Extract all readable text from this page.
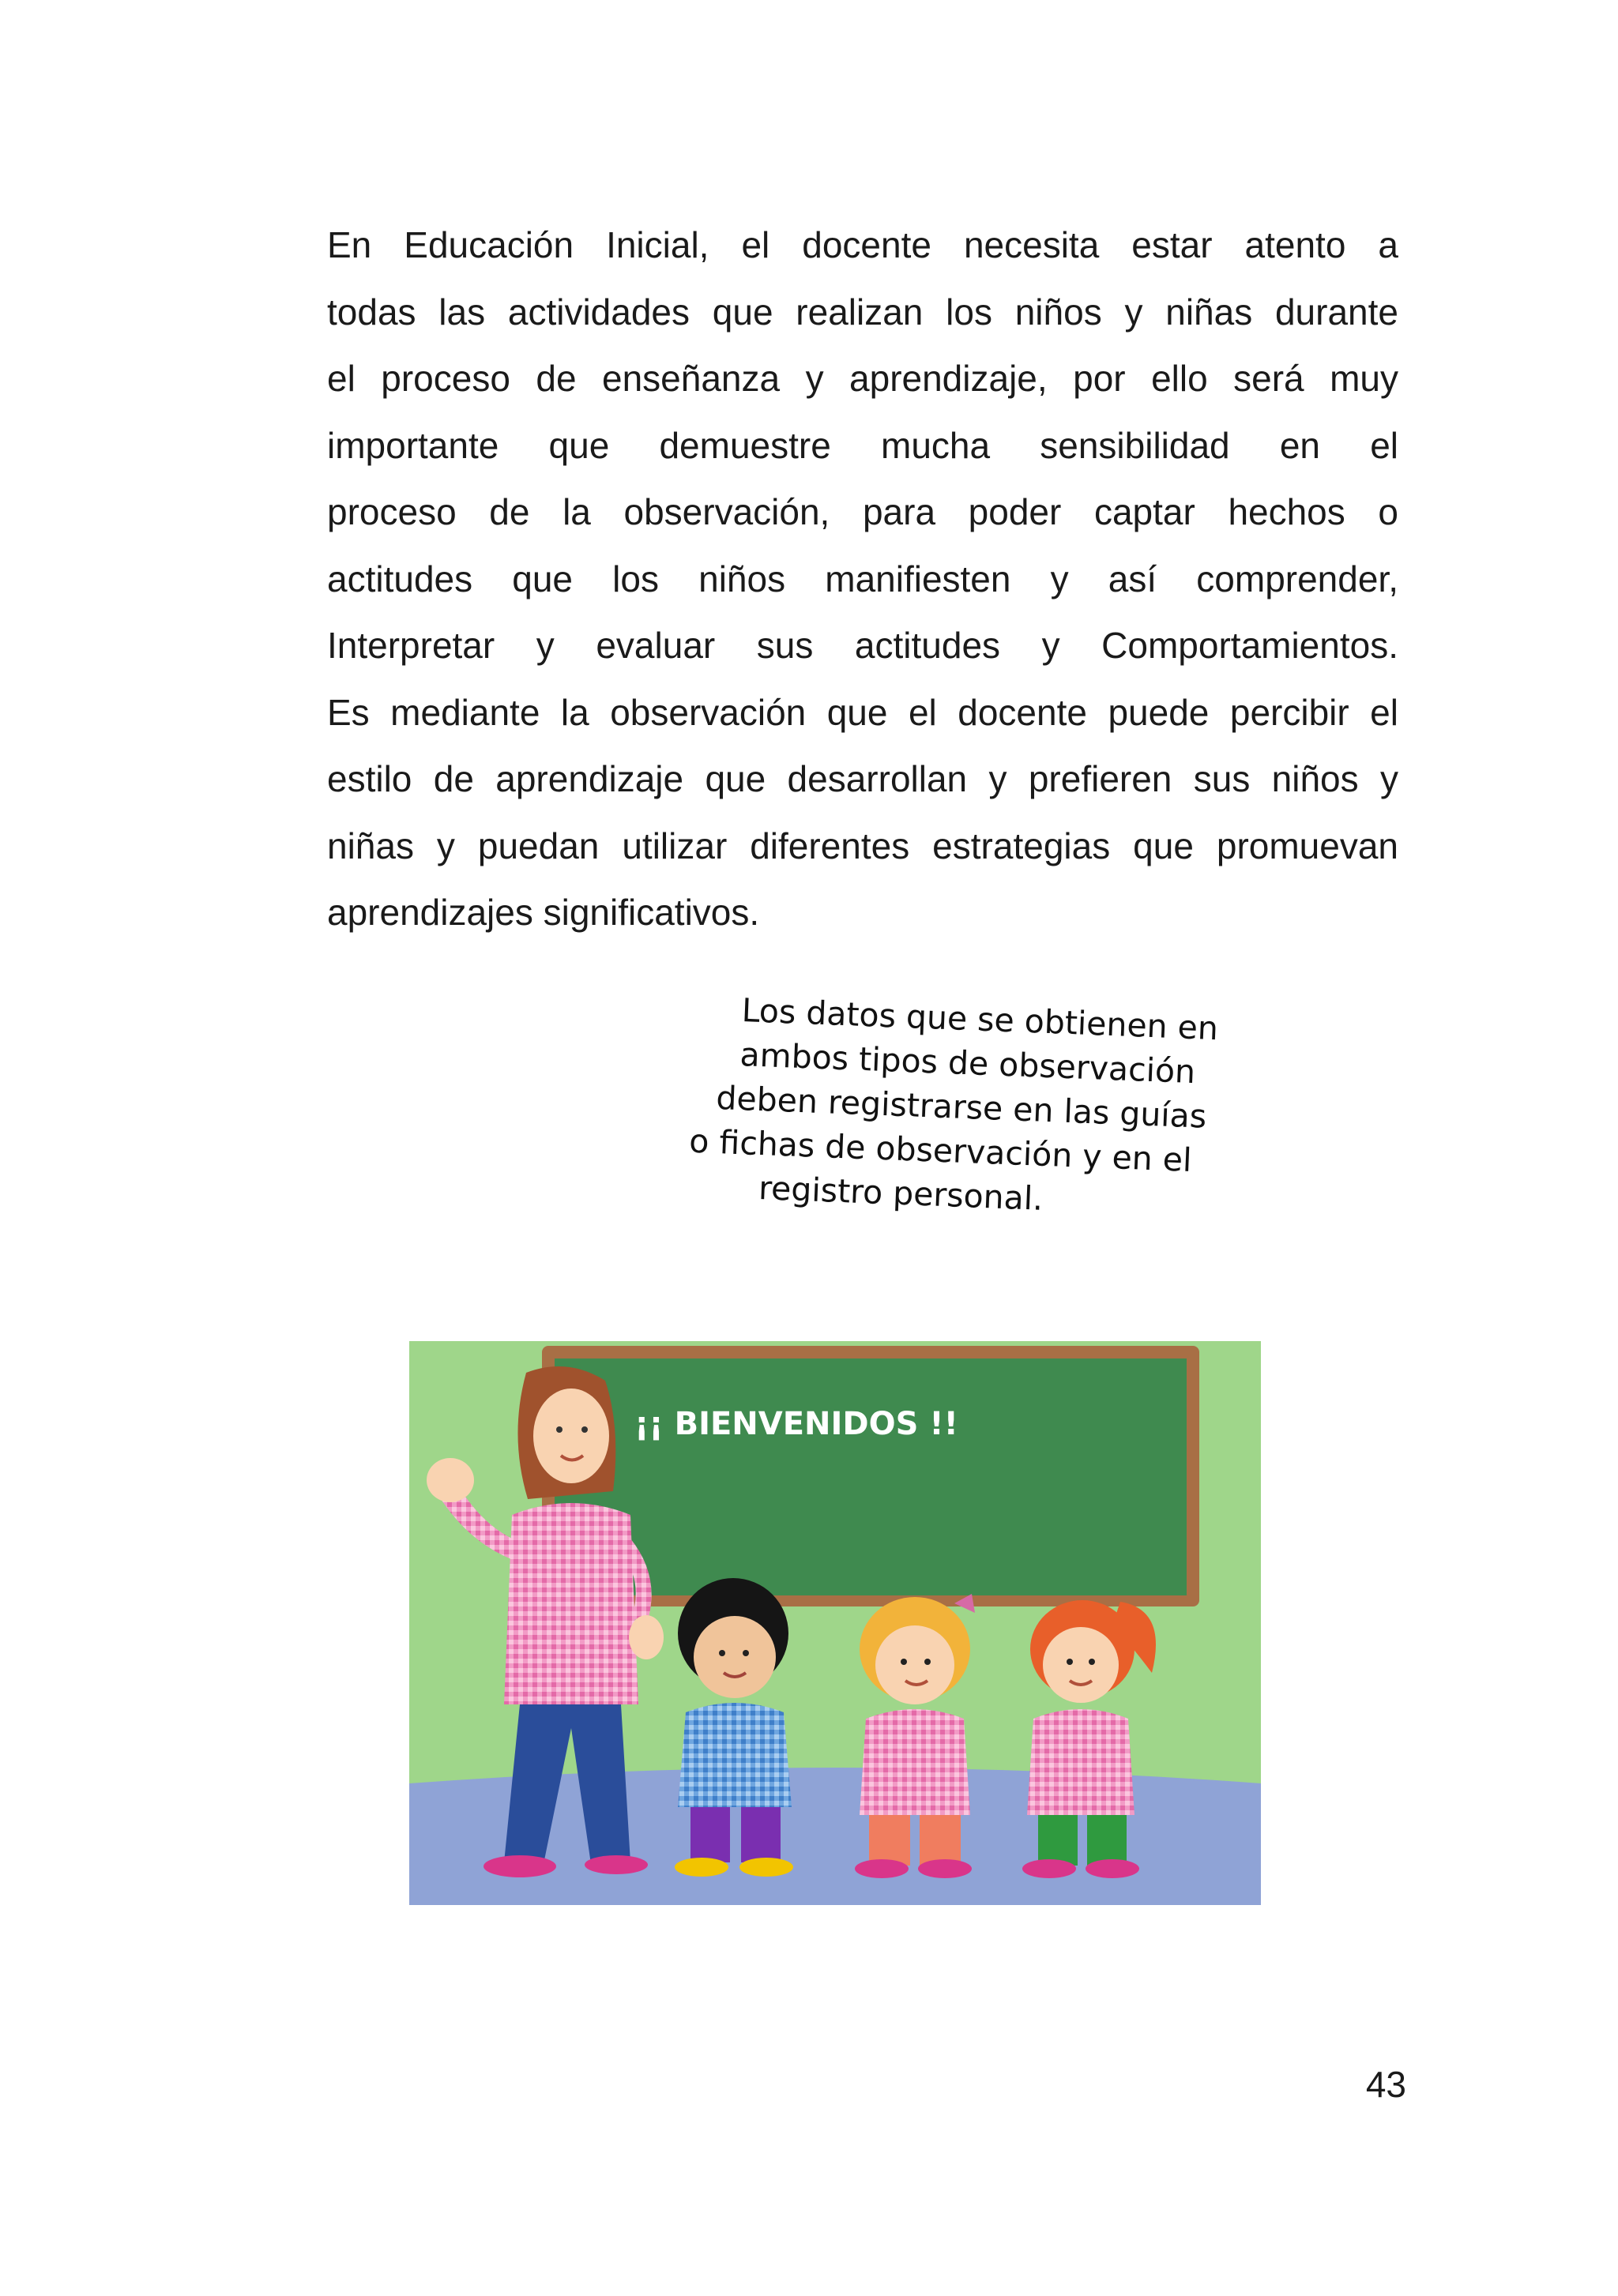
En Educación Inicial, el docente necesita estar atento a
todas las actividades que realizan los niños y niñas durante
el proceso de enseñanza y aprendizaje, por ello será muy
importante que demuestre mucha sensibilidad en el
proceso de la observación, para poder captar hechos o
actitudes que los niños manifiesten y así comprender,
Interpretar y evaluar sus actitudes y Comportamientos.
Es mediante la observación que el docente puede percibir el
estilo de aprendizaje que desarrollan y prefieren sus niños y
niñas y puedan utilizar diferentes estrategias que promuevan
aprendizajes significativos.
Los datos que se obtienen en
ambos tipos de observación
deben registrarse en las guías
o fichas de observación y en el
registro personal.
¡¡ BIENVENIDOS !!
43
